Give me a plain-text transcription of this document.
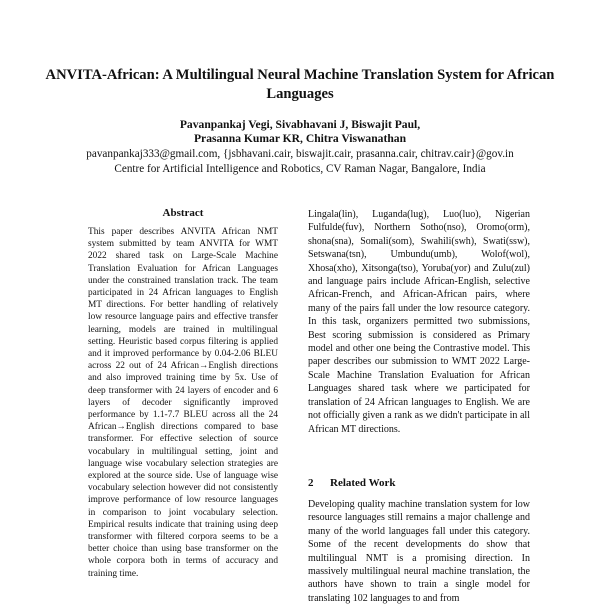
ANVITA-African: A Multilingual Neural Machine Translation System for African Languages
Pavanpankaj Vegi, Sivabhavani J, Biswajit Paul,
Prasanna Kumar KR, Chitra Viswanathan
pavanpankaj333@gmail.com, {jsbhavani.cair, biswajit.cair, prasanna.cair, chitrav.cair}@gov.in
Centre for Artificial Intelligence and Robotics, CV Raman Nagar, Bangalore, India
Abstract
This paper describes ANVITA African NMT system submitted by team ANVITA for WMT 2022 shared task on Large-Scale Machine Translation Evaluation for African Languages under the constrained translation track. The team participated in 24 African languages to English MT directions. For better handling of relatively low resource language pairs and effective transfer learning, models are trained in multilingual setting. Heuristic based corpus filtering is applied and it improved performance by 0.04-2.06 BLEU across 22 out of 24 African→English directions and also improved training time by 5x. Use of deep transformer with 24 layers of encoder and 6 layers of decoder significantly improved performance by 1.1-7.7 BLEU across all the 24 African→English directions compared to base transformer. For effective selection of source vocabulary in multilingual setting, joint and language wise vocabulary selection strategies are explored at the source side. Use of language wise vocabulary selection however did not consistently improve performance of low resource languages in comparison to joint vocabulary selection. Empirical results indicate that training using deep transformer with filtered corpora seems to be a better choice than using base transformer on the whole corpora both in terms of accuracy and training time.
Lingala(lin), Luganda(lug), Luo(luo), Nigerian Fulfulde(fuv), Northern Sotho(nso), Oromo(orm), shona(sna), Somali(som), Swahili(swh), Swati(ssw), Setswana(tsn), Umbundu(umb), Wolof(wol), Xhosa(xho), Xitsonga(tso), Yoruba(yor) and Zulu(zul) and language pairs include African-English, selective African-French, and African-African pairs, where many of the pairs fall under the low resource category. In this task, organizers permitted two submissions, Best scoring submission is considered as Primary model and other one being the Contrastive model. This paper describes our submission to WMT 2022 Large-Scale Machine Translation Evaluation for African Languages shared task where we participated for translation of 24 African languages to English. We are not officially given a rank as we didn't participate in all African MT directions.
2 Related Work
Developing quality machine translation system for low resource languages still remains a major challenge and many of the world languages fall under this category. Some of the recent developments do show that multilingual NMT is a promising direction. In massively multilingual neural machine translation, the authors have shown to train a single model for translating 102 languages to and from
